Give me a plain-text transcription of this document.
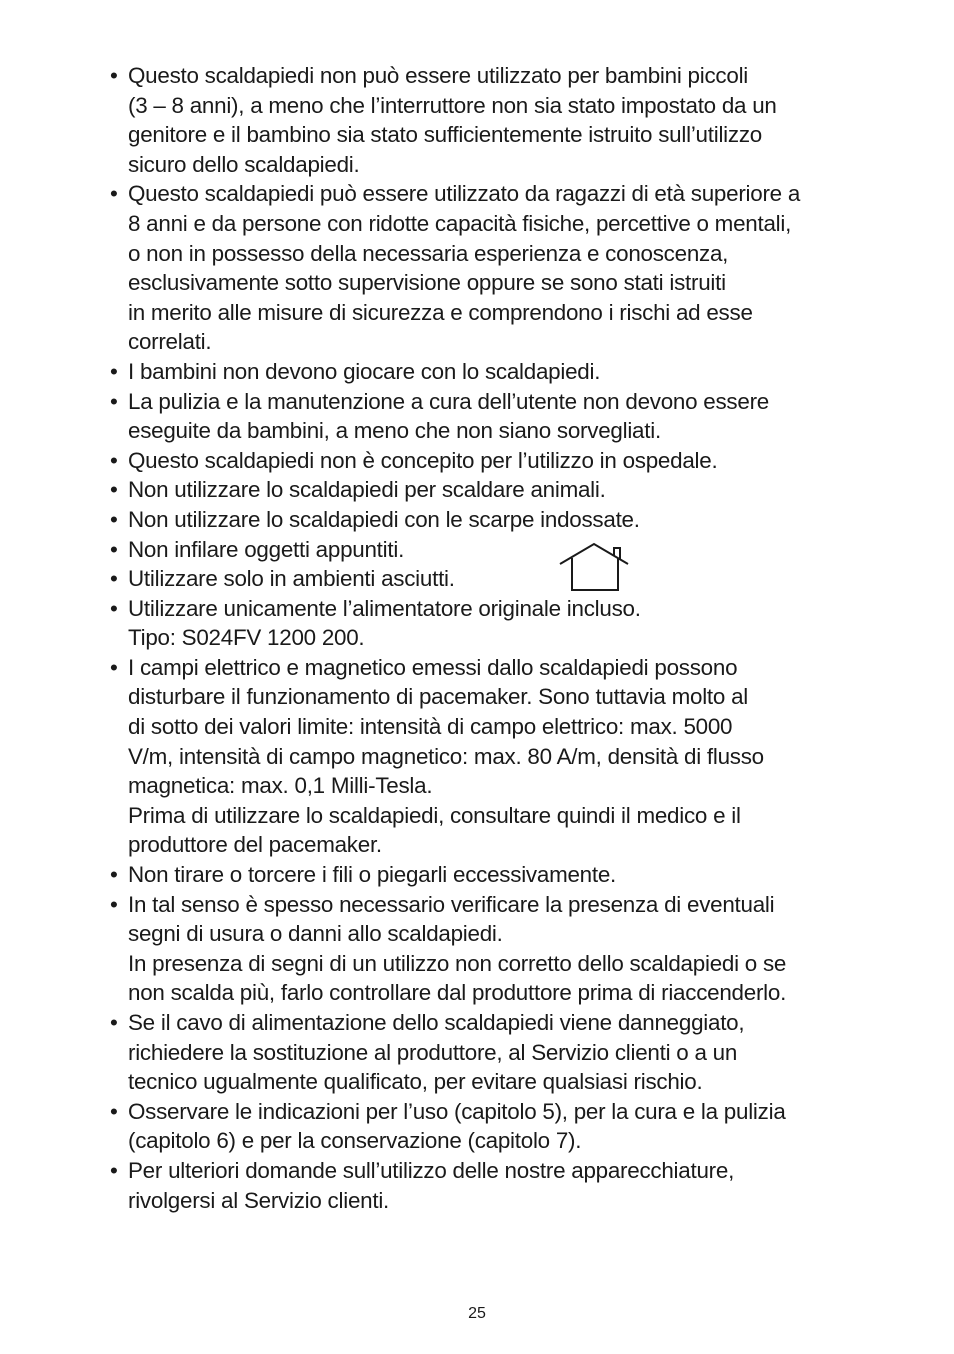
• Questo scaldapiedi non può essere utilizzato per bambini piccoli
(3 – 8 anni), a meno che l’interruttore non sia stato impostato da un
genitore e il bambino sia stato sufficientemente istruito sull’utilizzo
sicuro dello scaldapiedi.
• Questo scaldapiedi può essere utilizzato da ragazzi di età superiore a
8 anni e da persone con ridotte capacità fisiche, percettive o mentali,
o non in possesso della necessaria esperienza e conoscenza,
esclusivamente sotto supervisione oppure se sono stati istruiti
in merito alle misure di sicurezza e comprendono i rischi ad esse
correlati.
• I bambini non devono giocare con lo scaldapiedi.
• La pulizia e la manutenzione a cura dell’utente non devono essere
eseguite da bambini, a meno che non siano sorvegliati.
• Questo scaldapiedi non è concepito per l’utilizzo in ospedale.
• Non utilizzare lo scaldapiedi per scaldare animali.
• Non utilizzare lo scaldapiedi con le scarpe indossate.
• Non infilare oggetti appuntiti.
• Utilizzare solo in ambienti asciutti.
• Utilizzare unicamente l’alimentatore originale incluso.
Tipo: S024FV 1200 200.
• I campi elettrico e magnetico emessi dallo scaldapiedi possono
disturbare il funzionamento di pacemaker. Sono tuttavia molto al
di sotto dei valori limite: intensità di campo elettrico: max. 5000
V/m, intensità di campo magnetico: max. 80 A/m, densità di flusso
magnetica: max. 0,1 Milli-Tesla.
Prima di utilizzare lo scaldapiedi, consultare quindi il medico e il
produttore del pacemaker.
• Non tirare o torcere i fili o piegarli eccessivamente.
• In tal senso è spesso necessario verificare la presenza di eventuali
segni di usura o danni allo scaldapiedi.
In presenza di segni di un utilizzo non corretto dello scaldapiedi o se
non scalda più, farlo controllare dal produttore prima di riaccenderlo.
• Se il cavo di alimentazione dello scaldapiedi viene danneggiato,
richiedere la sostituzione al produttore, al Servizio clienti o a un
tecnico ugualmente qualificato, per evitare qualsiasi rischio.
• Osservare le indicazioni per l’uso (capitolo 5), per la cura e la pulizia
(capitolo 6) e per la conservazione (capitolo 7).
• Per ulteriori domande sull’utilizzo delle nostre apparecchiature,
rivolgersi al Servizio clienti.
25
